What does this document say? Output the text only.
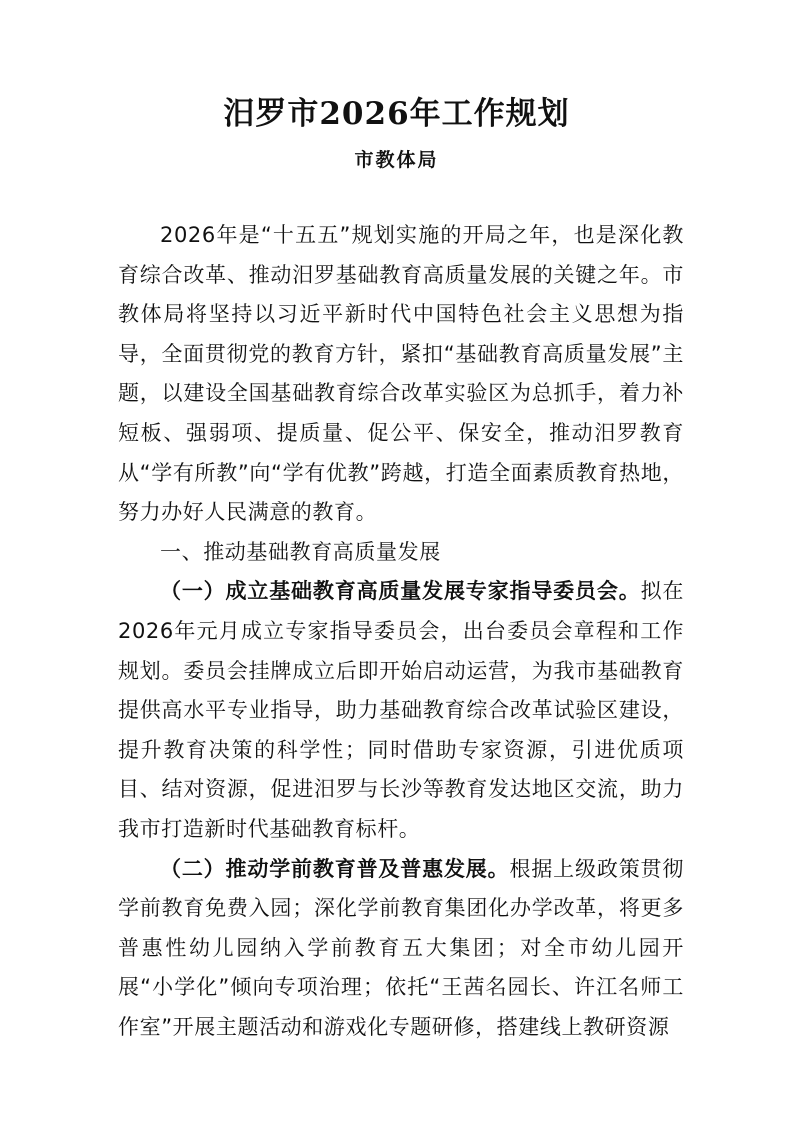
汨罗市2026年工作规划
市教体局

2026年是“十五五”规划实施的开局之年，也是深化教育综合改革、推动汨罗基础教育高质量发展的关键之年。市教体局将坚持以习近平新时代中国特色社会主义思想为指导，全面贯彻党的教育方针，紧扣“基础教育高质量发展”主题，以建设全国基础教育综合改革实验区为总抓手，着力补短板、强弱项、提质量、促公平、保安全，推动汨罗教育从“学有所教”向“学有优教”跨越，打造全面素质教育热地，努力办好人民满意的教育。

一、推动基础教育高质量发展

（一）成立基础教育高质量发展专家指导委员会。拟在2026年元月成立专家指导委员会，出台委员会章程和工作规划。委员会挂牌成立后即开始启动运营，为我市基础教育提供高水平专业指导，助力基础教育综合改革试验区建设，提升教育决策的科学性；同时借助专家资源，引进优质项目、结对资源，促进汨罗与长沙等教育发达地区交流，助力我市打造新时代基础教育标杆。

（二）推动学前教育普及普惠发展。根据上级政策贯彻学前教育免费入园；深化学前教育集团化办学改革，将更多普惠性幼儿园纳入学前教育五大集团；对全市幼儿园开展“小学化”倾向专项治理；依托“王茜名园长、许江名师工作室”开展主题活动和游戏化专题研修，搭建线上教研资源
